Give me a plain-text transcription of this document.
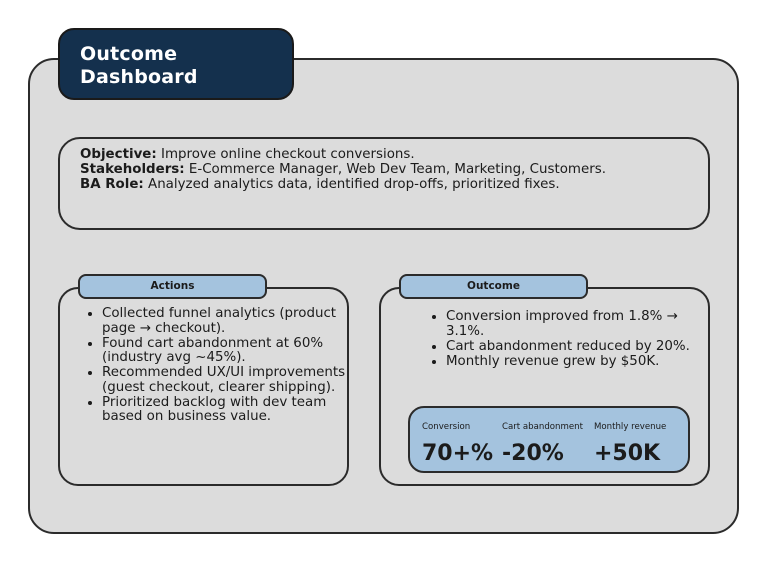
Outcome
Dashboard
Objective: Improve online checkout conversions.
Stakeholders: E-Commerce Manager, Web Dev Team, Marketing, Customers.
BA Role: Analyzed analytics data, identified drop-offs, prioritized fixes.
Actions
• Collected funnel analytics (product page → checkout).
• Found cart abandonment at 60% (industry avg ~45%).
• Recommended UX/UI improvements (guest checkout, clearer shipping).
• Prioritized backlog with dev team based on business value.
Outcome
• Conversion improved from 1.8% → 3.1%.
• Cart abandonment reduced by 20%.
• Monthly revenue grew by $50K.
Conversion
70+%
Cart abandonment
-20%
Monthly revenue
+50K
